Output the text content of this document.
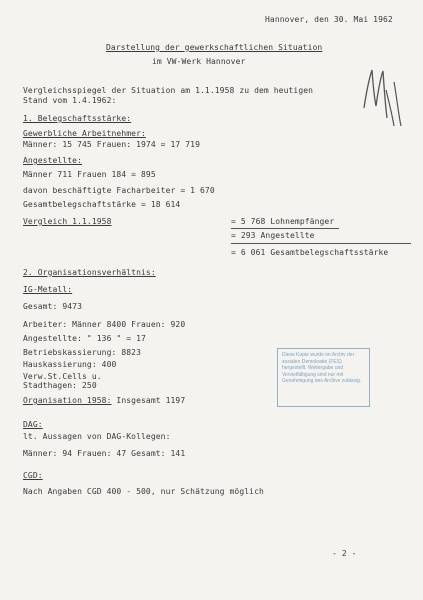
Hannover, den 30. Mai 1962
Darstellung der gewerkschaftlichen Situation
im VW-Werk Hannover
Vergleichsspiegel der Situation am 1.1.1958 zu dem heutigen
Stand vom 1.4.1962:
1. Belegschaftsstärke:
Gewerbliche Arbeitnehmer:
Männer: 15 745 Frauen: 1974 = 17 719
Angestellte:
Männer 711 Frauen 184 = 895
davon beschäftigte Facharbeiter = 1 670
Gesamtbelegschaftstärke = 18 614
Vergleich 1.1.1958	= 5 768 Lohnempfänger
= 293 Angestellte
= 6 061 Gesamtbelegschaftsstärke
2. Organisationsverhältnis:
IG-Metall:
Gesamt: 9473
Arbeiter: Männer 8400 Frauen: 920
Angestellte: " 136 " = 17
Betriebskassierung: 8823
Hauskassierung: 400
Verw.St.Cells u.
Stadthagen: 250
Organisation 1958: Insgesamt 1197
DAG:
lt. Aussagen von DAG-Kollegen:
Männer: 94 Frauen: 47 Gesamt: 141
CGD:
Nach Angaben CGD 400 - 500, nur Schätzung möglich
Diese Kopie wurde im Archiv der sozialen Demokratie (FES) hergestellt. Weitergabe und Vervielfältigung sind nur mit Genehmigung des Archivs zulässig.
- 2 -
